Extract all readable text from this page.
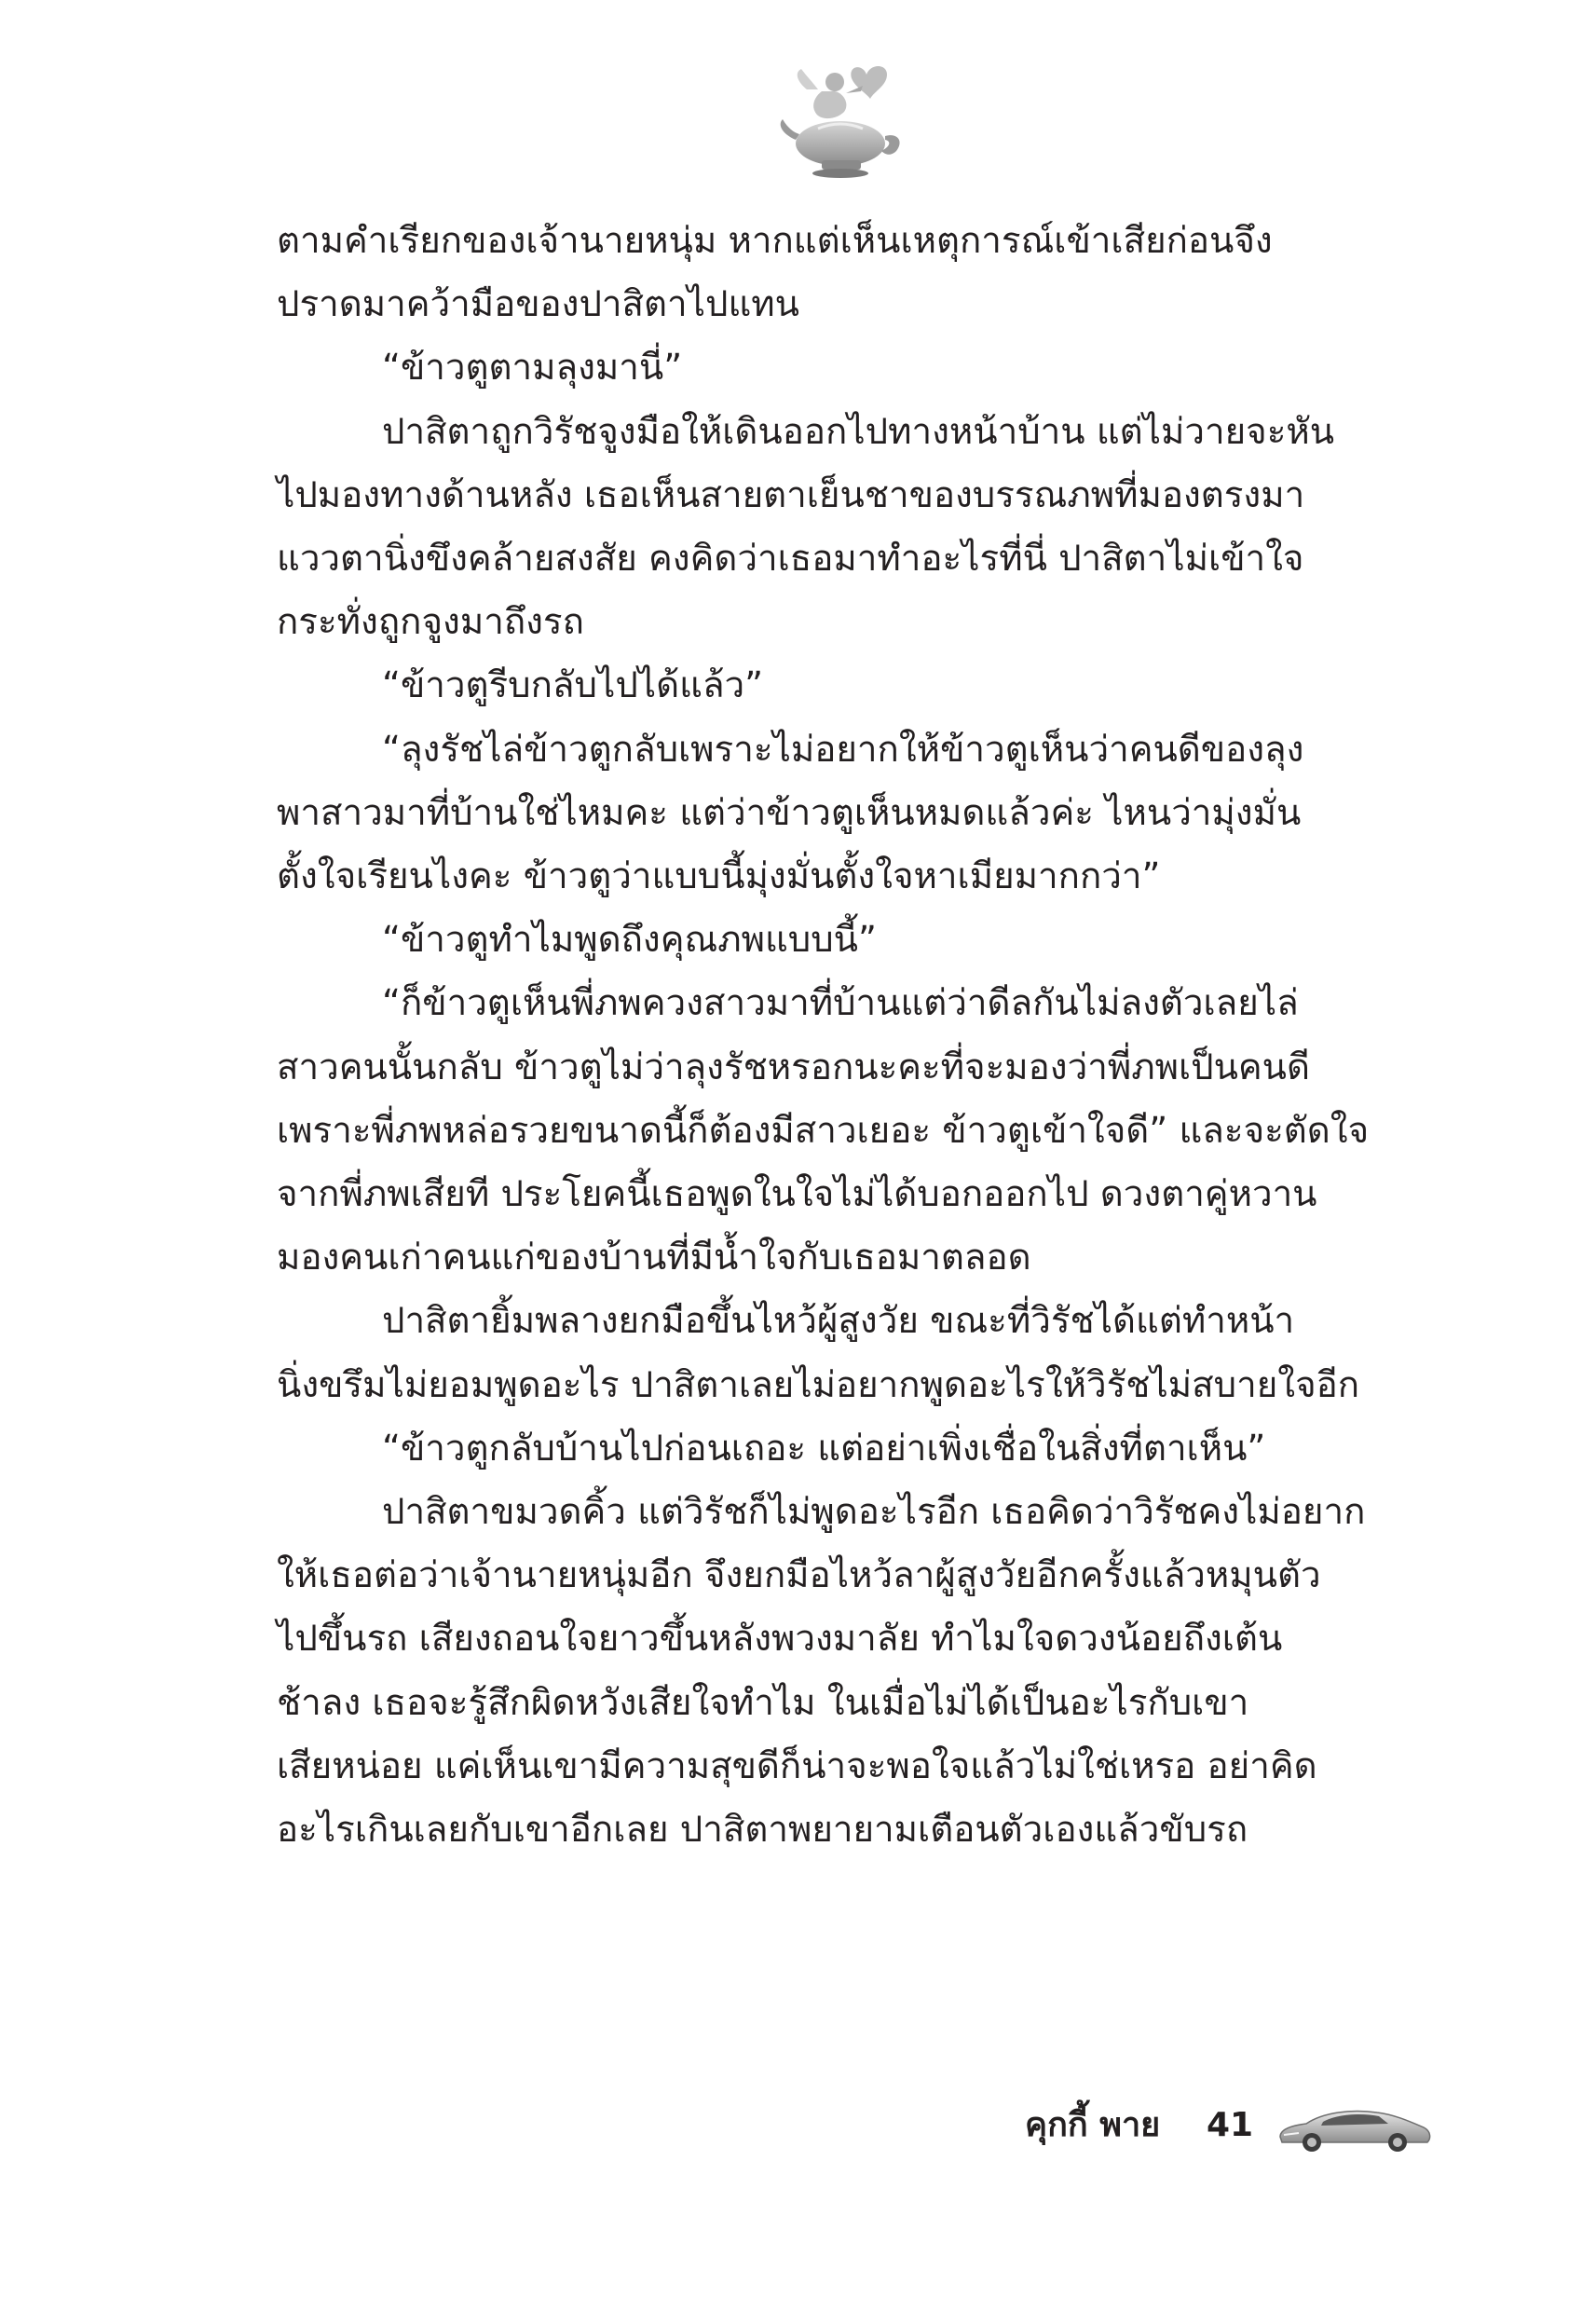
ตามคำเรียกของเจ้านายหนุ่ม หากแต่เห็นเหตุการณ์เข้าเสียก่อนจึง
ปราดมาคว้ามือของปาสิตาไปแทน

“ข้าวตูตามลุงมานี่”

ปาสิตาถูกวิรัชจูงมือให้เดินออกไปทางหน้าบ้าน แต่ไม่วายจะหัน
ไปมองทางด้านหลัง เธอเห็นสายตาเย็นชาของบรรณภพที่มองตรงมา
แววตานิ่งขึงคล้ายสงสัย คงคิดว่าเธอมาทำอะไรที่นี่ ปาสิตาไม่เข้าใจ
กระทั่งถูกจูงมาถึงรถ

“ข้าวตูรีบกลับไปได้แล้ว”

“ลุงรัชไล่ข้าวตูกลับเพราะไม่อยากให้ข้าวตูเห็นว่าคนดีของลุง
พาสาวมาที่บ้านใช่ไหมคะ แต่ว่าข้าวตูเห็นหมดแล้วค่ะ ไหนว่ามุ่งมั่น
ตั้งใจเรียนไงคะ ข้าวตูว่าแบบนี้มุ่งมั่นตั้งใจหาเมียมากกว่า”

“ข้าวตูทำไมพูดถึงคุณภพแบบนี้”

“ก็ข้าวตูเห็นพี่ภพควงสาวมาที่บ้านแต่ว่าดีลกันไม่ลงตัวเลยไล่
สาวคนนั้นกลับ ข้าวตูไม่ว่าลุงรัชหรอกนะคะที่จะมองว่าพี่ภพเป็นคนดี
เพราะพี่ภพหล่อรวยขนาดนี้ก็ต้องมีสาวเยอะ ข้าวตูเข้าใจดี” และจะตัดใจ
จากพี่ภพเสียที ประโยคนี้เธอพูดในใจไม่ได้บอกออกไป ดวงตาคู่หวาน
มองคนเก่าคนแก่ของบ้านที่มีน้ำใจกับเธอมาตลอด

ปาสิตายิ้มพลางยกมือขึ้นไหว้ผู้สูงวัย ขณะที่วิรัชได้แต่ทำหน้า
นิ่งขรึมไม่ยอมพูดอะไร ปาสิตาเลยไม่อยากพูดอะไรให้วิรัชไม่สบายใจอีก

“ข้าวตูกลับบ้านไปก่อนเถอะ แต่อย่าเพิ่งเชื่อในสิ่งที่ตาเห็น”

ปาสิตาขมวดคิ้ว แต่วิรัชก็ไม่พูดอะไรอีก เธอคิดว่าวิรัชคงไม่อยาก
ให้เธอต่อว่าเจ้านายหนุ่มอีก จึงยกมือไหว้ลาผู้สูงวัยอีกครั้งแล้วหมุนตัว
ไปขึ้นรถ เสียงถอนใจยาวขึ้นหลังพวงมาลัย ทำไมใจดวงน้อยถึงเต้น
ช้าลง เธอจะรู้สึกผิดหวังเสียใจทำไม ในเมื่อไม่ได้เป็นอะไรกับเขา
เสียหน่อย แค่เห็นเขามีความสุขดีก็น่าจะพอใจแล้วไม่ใช่เหรอ อย่าคิด
อะไรเกินเลยกับเขาอีกเลย ปาสิตาพยายามเตือนตัวเองแล้วขับรถ

คุกกี้ พาย 41
